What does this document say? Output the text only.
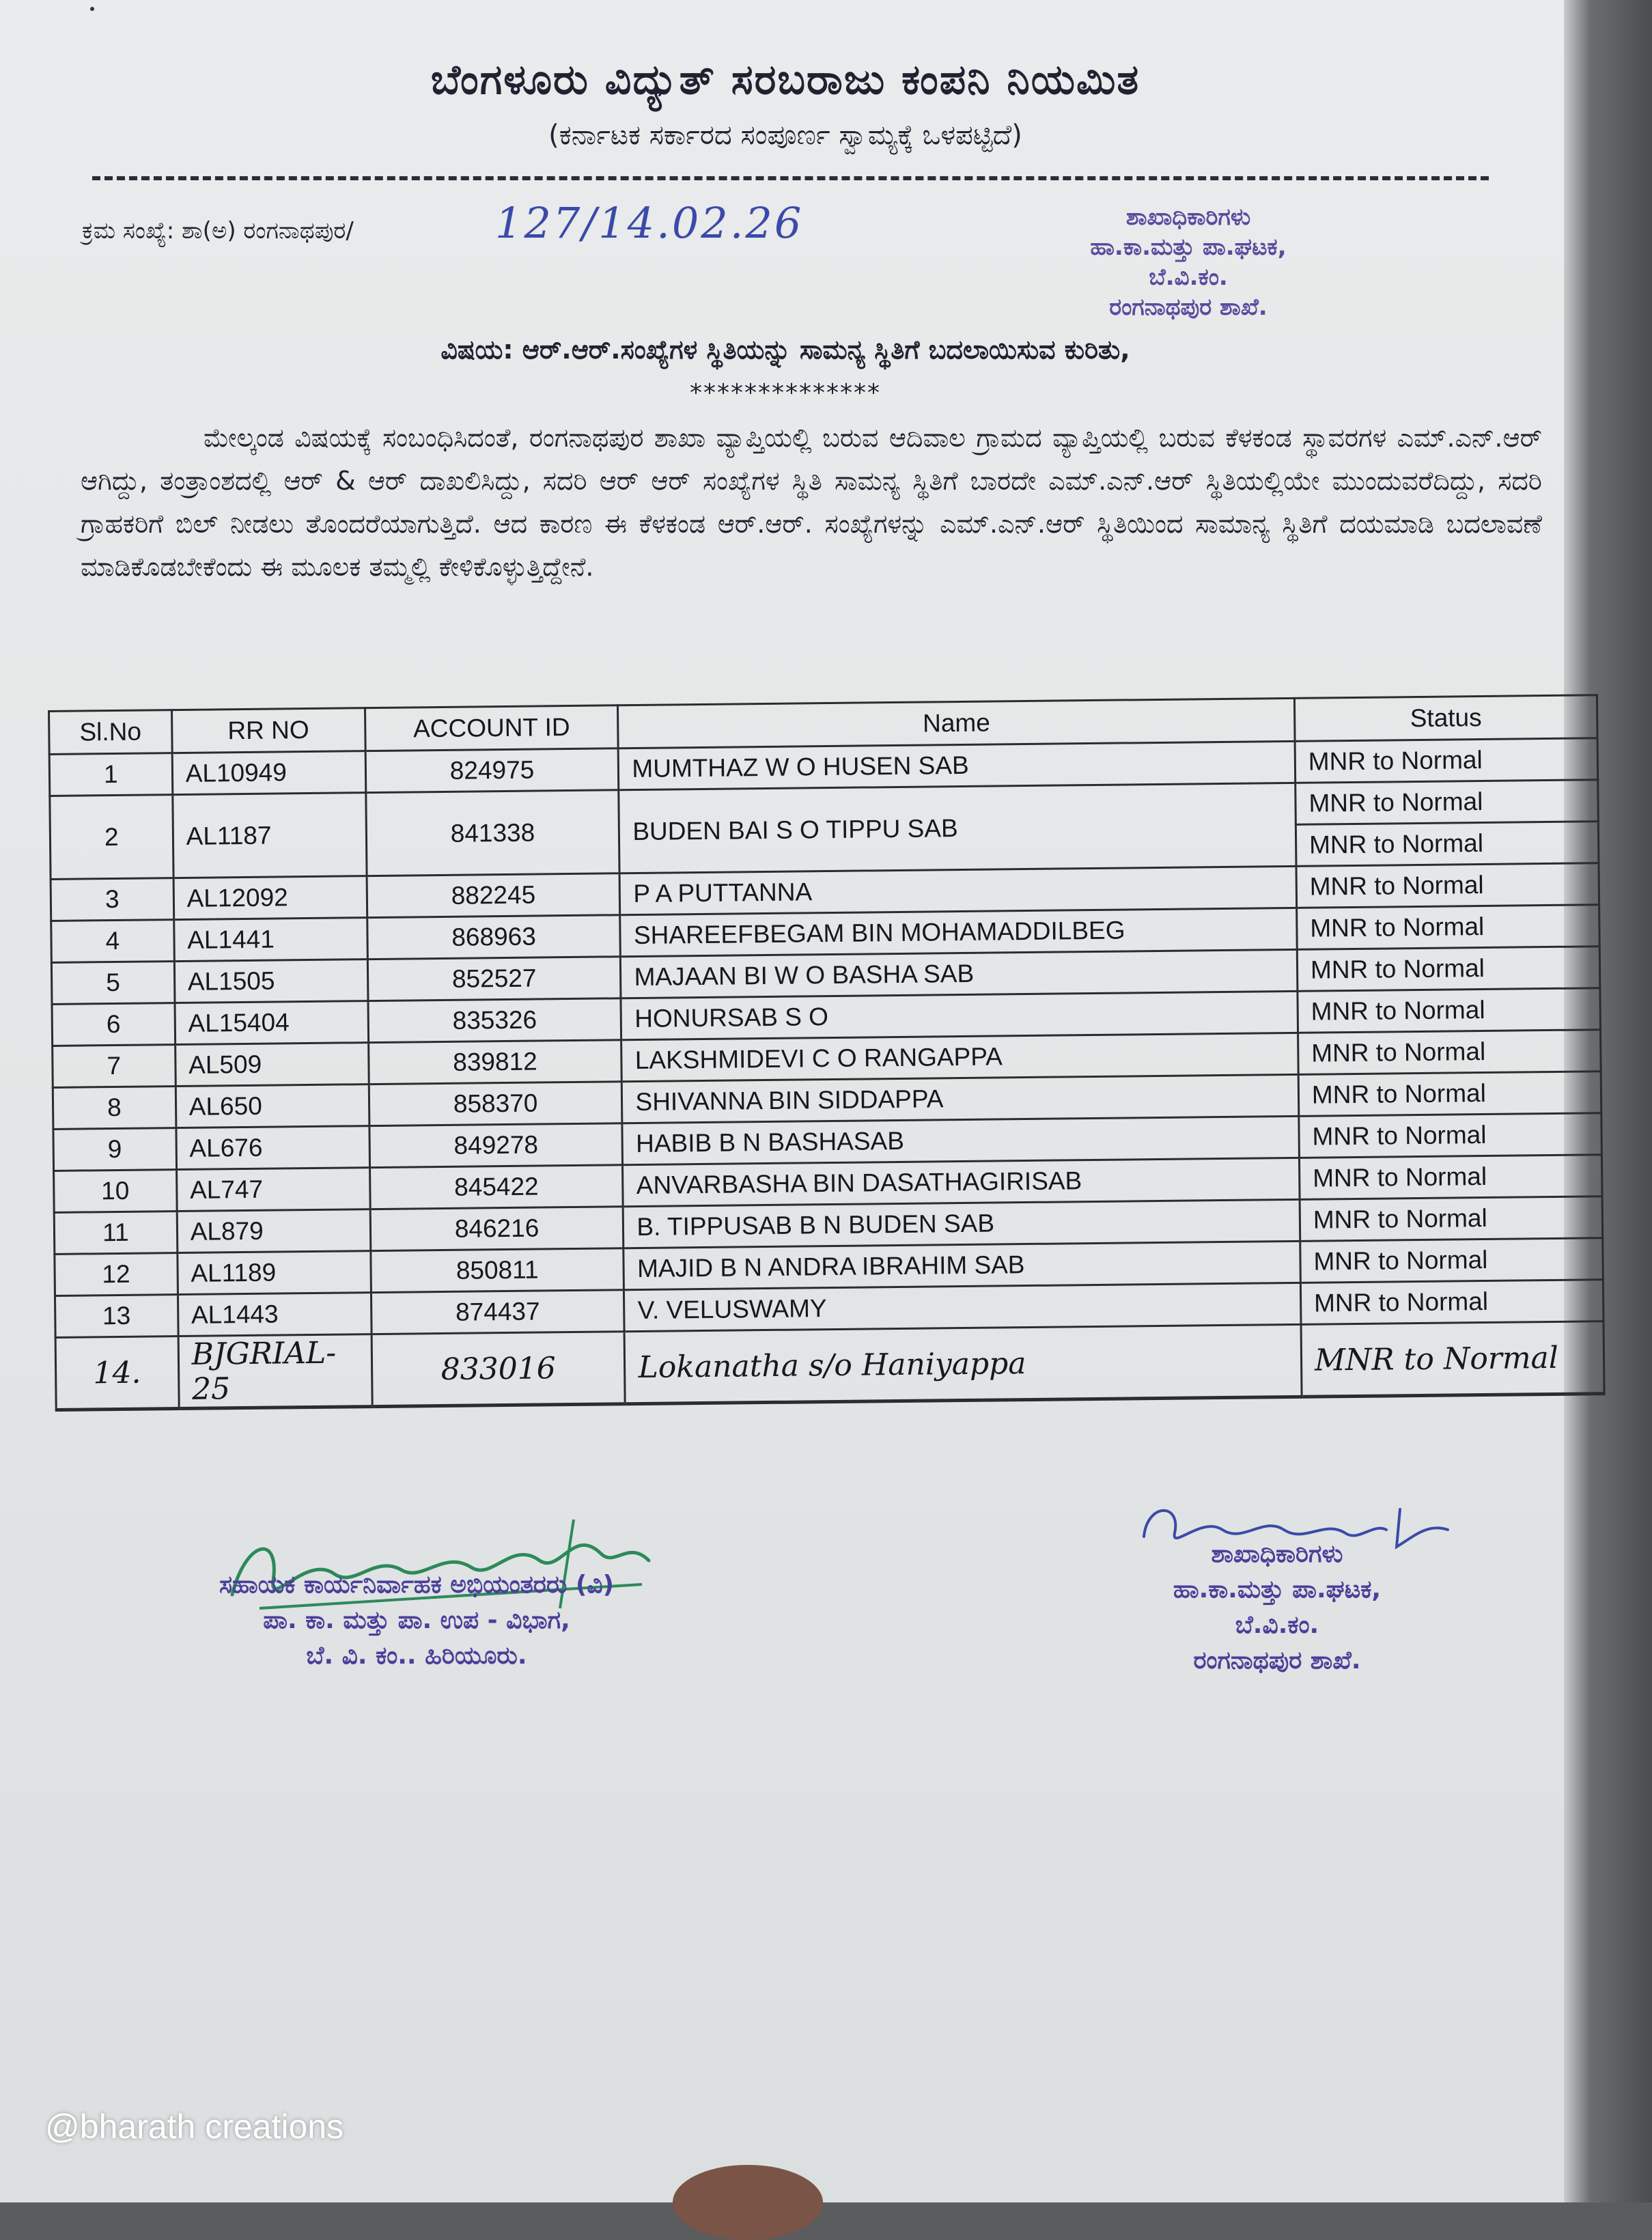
ಬೆಂಗಳೂರು ವಿದ್ಯುತ್ ಸರಬರಾಜು ಕಂಪನಿ ನಿಯಮಿತ
(ಕರ್ನಾಟಕ ಸರ್ಕಾರದ ಸಂಪೂರ್ಣ ಸ್ವಾಮ್ಯಕ್ಕೆ ಒಳಪಟ್ಟಿದೆ)
ಕ್ರಮ ಸಂಖ್ಯೆ: ಶಾ(ಅ) ರಂಗನಾಥಪುರ/	127/14.02.26	ಶಾಖಾಧಿಕಾರಿಗಳು
ಹಾ.ಕಾ.ಮತ್ತು ಪಾ.ಘಟಕ,
ಬೆ.ವಿ.ಕಂ.
ರಂಗನಾಥಪುರ ಶಾಖೆ.
ವಿಷಯ: ಆರ್.ಆರ್.ಸಂಖ್ಯೆಗಳ ಸ್ಥಿತಿಯನ್ನು ಸಾಮನ್ಯ ಸ್ಥಿತಿಗೆ ಬದಲಾಯಿಸುವ ಕುರಿತು,
**************
ಮೇಲ್ಕಂಡ ವಿಷಯಕ್ಕೆ ಸಂಬಂಧಿಸಿದಂತೆ, ರಂಗನಾಥಪುರ ಶಾಖಾ ವ್ಯಾಪ್ತಿಯಲ್ಲಿ ಬರುವ ಆದಿವಾಲ ಗ್ರಾಮದ ವ್ಯಾಪ್ತಿಯಲ್ಲಿ ಬರುವ ಕೆಳಕಂಡ ಸ್ಥಾವರಗಳ ಎಮ್.ಎನ್.ಆರ್ ಆಗಿದ್ದು, ತಂತ್ರಾಂಶದಲ್ಲಿ ಆರ್ & ಆರ್ ದಾಖಲಿಸಿದ್ದು, ಸದರಿ ಆರ್ ಆರ್ ಸಂಖ್ಯೆಗಳ ಸ್ಥಿತಿ ಸಾಮನ್ಯ ಸ್ಥಿತಿಗೆ ಬಾರದೇ ಎಮ್.ಎನ್.ಆರ್ ಸ್ಥಿತಿಯಲ್ಲಿಯೇ ಮುಂದುವರೆದಿದ್ದು, ಸದರಿ ಗ್ರಾಹಕರಿಗೆ ಬಿಲ್ ನೀಡಲು ತೊಂದರೆಯಾಗುತ್ತಿದೆ. ಆದ ಕಾರಣ ಈ ಕೆಳಕಂಡ ಆರ್.ಆರ್. ಸಂಖ್ಯೆಗಳನ್ನು ಎಮ್.ಎನ್.ಆರ್ ಸ್ಥಿತಿಯಿಂದ ಸಾಮಾನ್ಯ ಸ್ಥಿತಿಗೆ ದಯಮಾಡಿ ಬದಲಾವಣೆ ಮಾಡಿಕೊಡಬೇಕೆಂದು ಈ ಮೂಲಕ ತಮ್ಮಲ್ಲಿ ಕೇಳಿಕೊಳ್ಳುತ್ತಿದ್ದೇನೆ.
Sl.No	RR NO	ACCOUNT ID	Name	Status
1	AL10949	824975	MUMTHAZ W O HUSEN SAB	MNR to Normal
2	AL1187	841338	BUDEN BAI S O TIPPU SAB	MNR to Normal
				MNR to Normal
3	AL12092	882245	P A PUTTANNA	MNR to Normal
4	AL1441	868963	SHAREEFBEGAM BIN MOHAMADDILBEG	MNR to Normal
5	AL1505	852527	MAJAAN BI W O BASHA SAB	MNR to Normal
6	AL15404	835326	HONURSAB S O	MNR to Normal
7	AL509	839812	LAKSHMIDEVI C O RANGAPPA	MNR to Normal
8	AL650	858370	SHIVANNA BIN SIDDAPPA	MNR to Normal
9	AL676	849278	HABIB B N BASHASAB	MNR to Normal
10	AL747	845422	ANVARBASHA BIN DASATHAGIRISAB	MNR to Normal
11	AL879	846216	B. TIPPUSAB B N BUDEN SAB	MNR to Normal
12	AL1189	850811	MAJID B N ANDRA IBRAHIM SAB	MNR to Normal
13	AL1443	874437	V. VELUSWAMY	MNR to Normal
14.	BJGRIAL-25	833016	Lokanatha s/o Haniyappa	MNR to Normal
ಸಹಾಯಕ ಕಾರ್ಯನಿರ್ವಾಹಕ ಅಭಿಯಂತರರು (ವಿ)
ಪಾ. ಕಾ. ಮತ್ತು ಪಾ. ಉಪ - ವಿಭಾಗ,
ಬೆ. ವಿ. ಕಂ.. ಹಿರಿಯೂರು.
ಶಾಖಾಧಿಕಾರಿಗಳು
ಹಾ.ಕಾ.ಮತ್ತು ಪಾ.ಘಟಕ,
ಬೆ.ವಿ.ಕಂ.
ರಂಗನಾಥಪುರ ಶಾಖೆ.
@bharath creations
